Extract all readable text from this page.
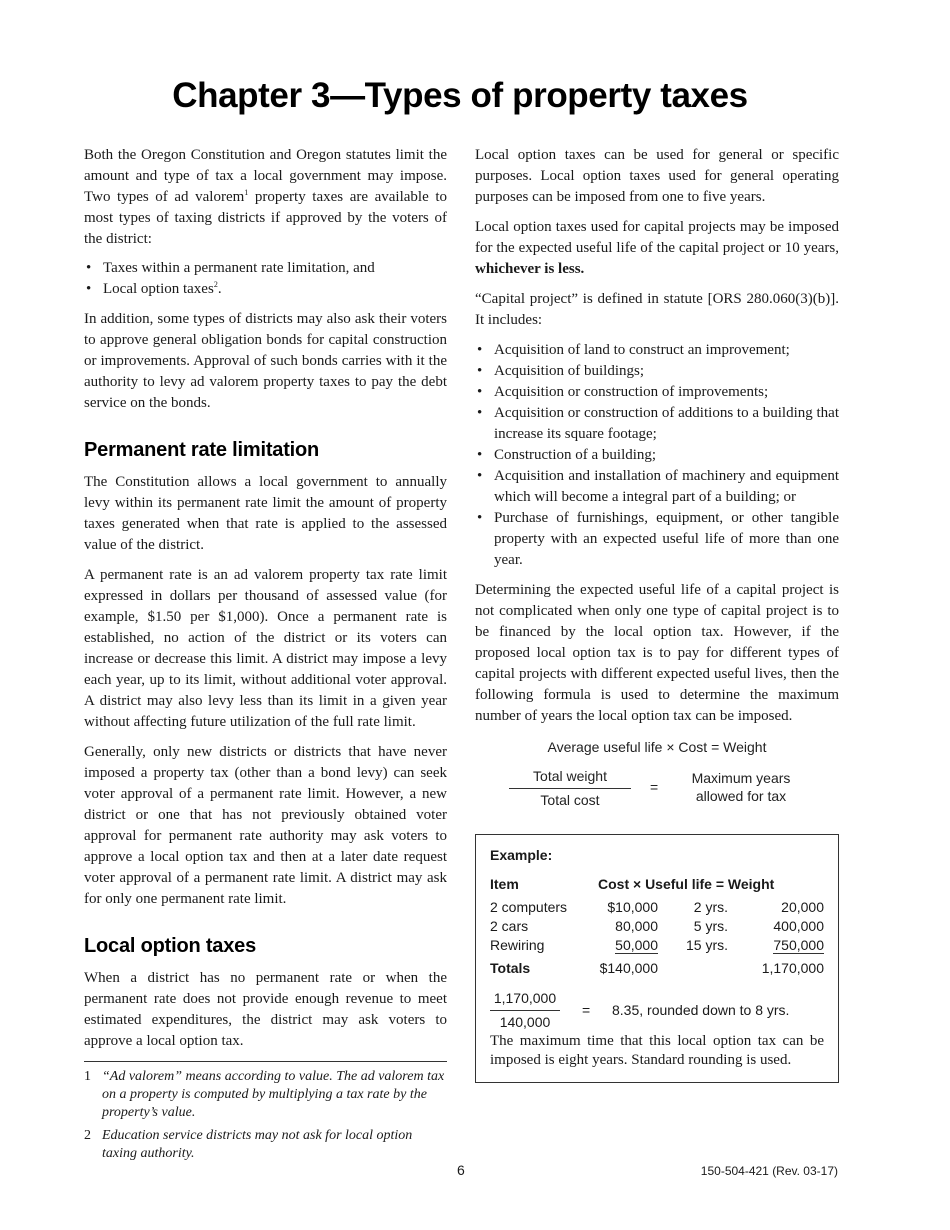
Chapter 3—Types of property taxes

Both the Oregon Constitution and Oregon statutes limit the amount and type of tax a local government may impose. Two types of ad valorem$^1$ property taxes are available to most types of taxing districts if approved by the voters of the district:

• Taxes within a permanent rate limitation, and
• Local option taxes$^2$.

In addition, some types of districts may also ask their voters to approve general obligation bonds for capital construction or improvements. Approval of such bonds carries with it the authority to levy ad valorem property taxes to pay the debt service on the bonds.

Permanent rate limitation

The Constitution allows a local government to annually levy within its permanent rate limit the amount of property taxes generated when that rate is applied to the assessed value of the district.

A permanent rate is an ad valorem property tax rate limit expressed in dollars per thousand of assessed value (for example, $1.50 per $1,000). Once a permanent rate is established, no action of the district or its voters can increase or decrease this limit. A district may impose a levy each year, up to its limit, without additional voter approval. A district may also levy less than its limit in a given year without affecting future utilization of the full rate limit.

Generally, only new districts or districts that have never imposed a property tax (other than a bond levy) can seek voter approval of a permanent rate limit. However, a new district or one that has not previously obtained voter approval for permanent rate authority may ask voters to approve a local option tax and then at a later date request voter approval of a permanent rate limit. A district may ask for only one permanent rate limit.

Local option taxes

When a district has no permanent rate or when the permanent rate does not provide enough revenue to meet estimated expenditures, the district may ask voters to approve a local option tax.

1 “Ad valorem” means according to value. The ad valorem tax on a property is computed by multiplying a tax rate by the property’s value.
2 Education service districts may not ask for local option taxing authority.

Local option taxes can be used for general or specific purposes. Local option taxes used for general operating purposes can be imposed from one to five years.

Local option taxes used for capital projects may be imposed for the expected useful life of the capital project or 10 years, whichever is less.

“Capital project” is defined in statute [ORS 280.060(3)(b)]. It includes:

• Acquisition of land to construct an improvement;
• Acquisition of buildings;
• Acquisition or construction of improvements;
• Acquisition or construction of additions to a building that increase its square footage;
• Construction of a building;
• Acquisition and installation of machinery and equipment which will become a integral part of a building; or
• Purchase of furnishings, equipment, or other tangible property with an expected useful life of more than one year.

Determining the expected useful life of a capital project is not complicated when only one type of capital project is to be financed by the local option tax. However, if the proposed local option tax is to pay for different types of capital projects with different expected useful lives, then the following formula is used to determine the maximum number of years the local option tax can be imposed.

Average useful life × Cost = Weight
Total weight
Total cost
=
Maximum years
allowed for tax
Example:
Item	Cost × Useful life = Weight		
2 computers	$10,000	2 yrs.	20,000
2 cars	80,000	5 yrs.	400,000
Rewiring	50,000	15 yrs.	750,000
Totals	$140,000		1,170,000
1,170,000
140,000
= 8.35, rounded down to 8 yrs.

The maximum time that this local option tax can be imposed is eight years. Standard rounding is used.

6	150-504-421 (Rev. 03-17)
